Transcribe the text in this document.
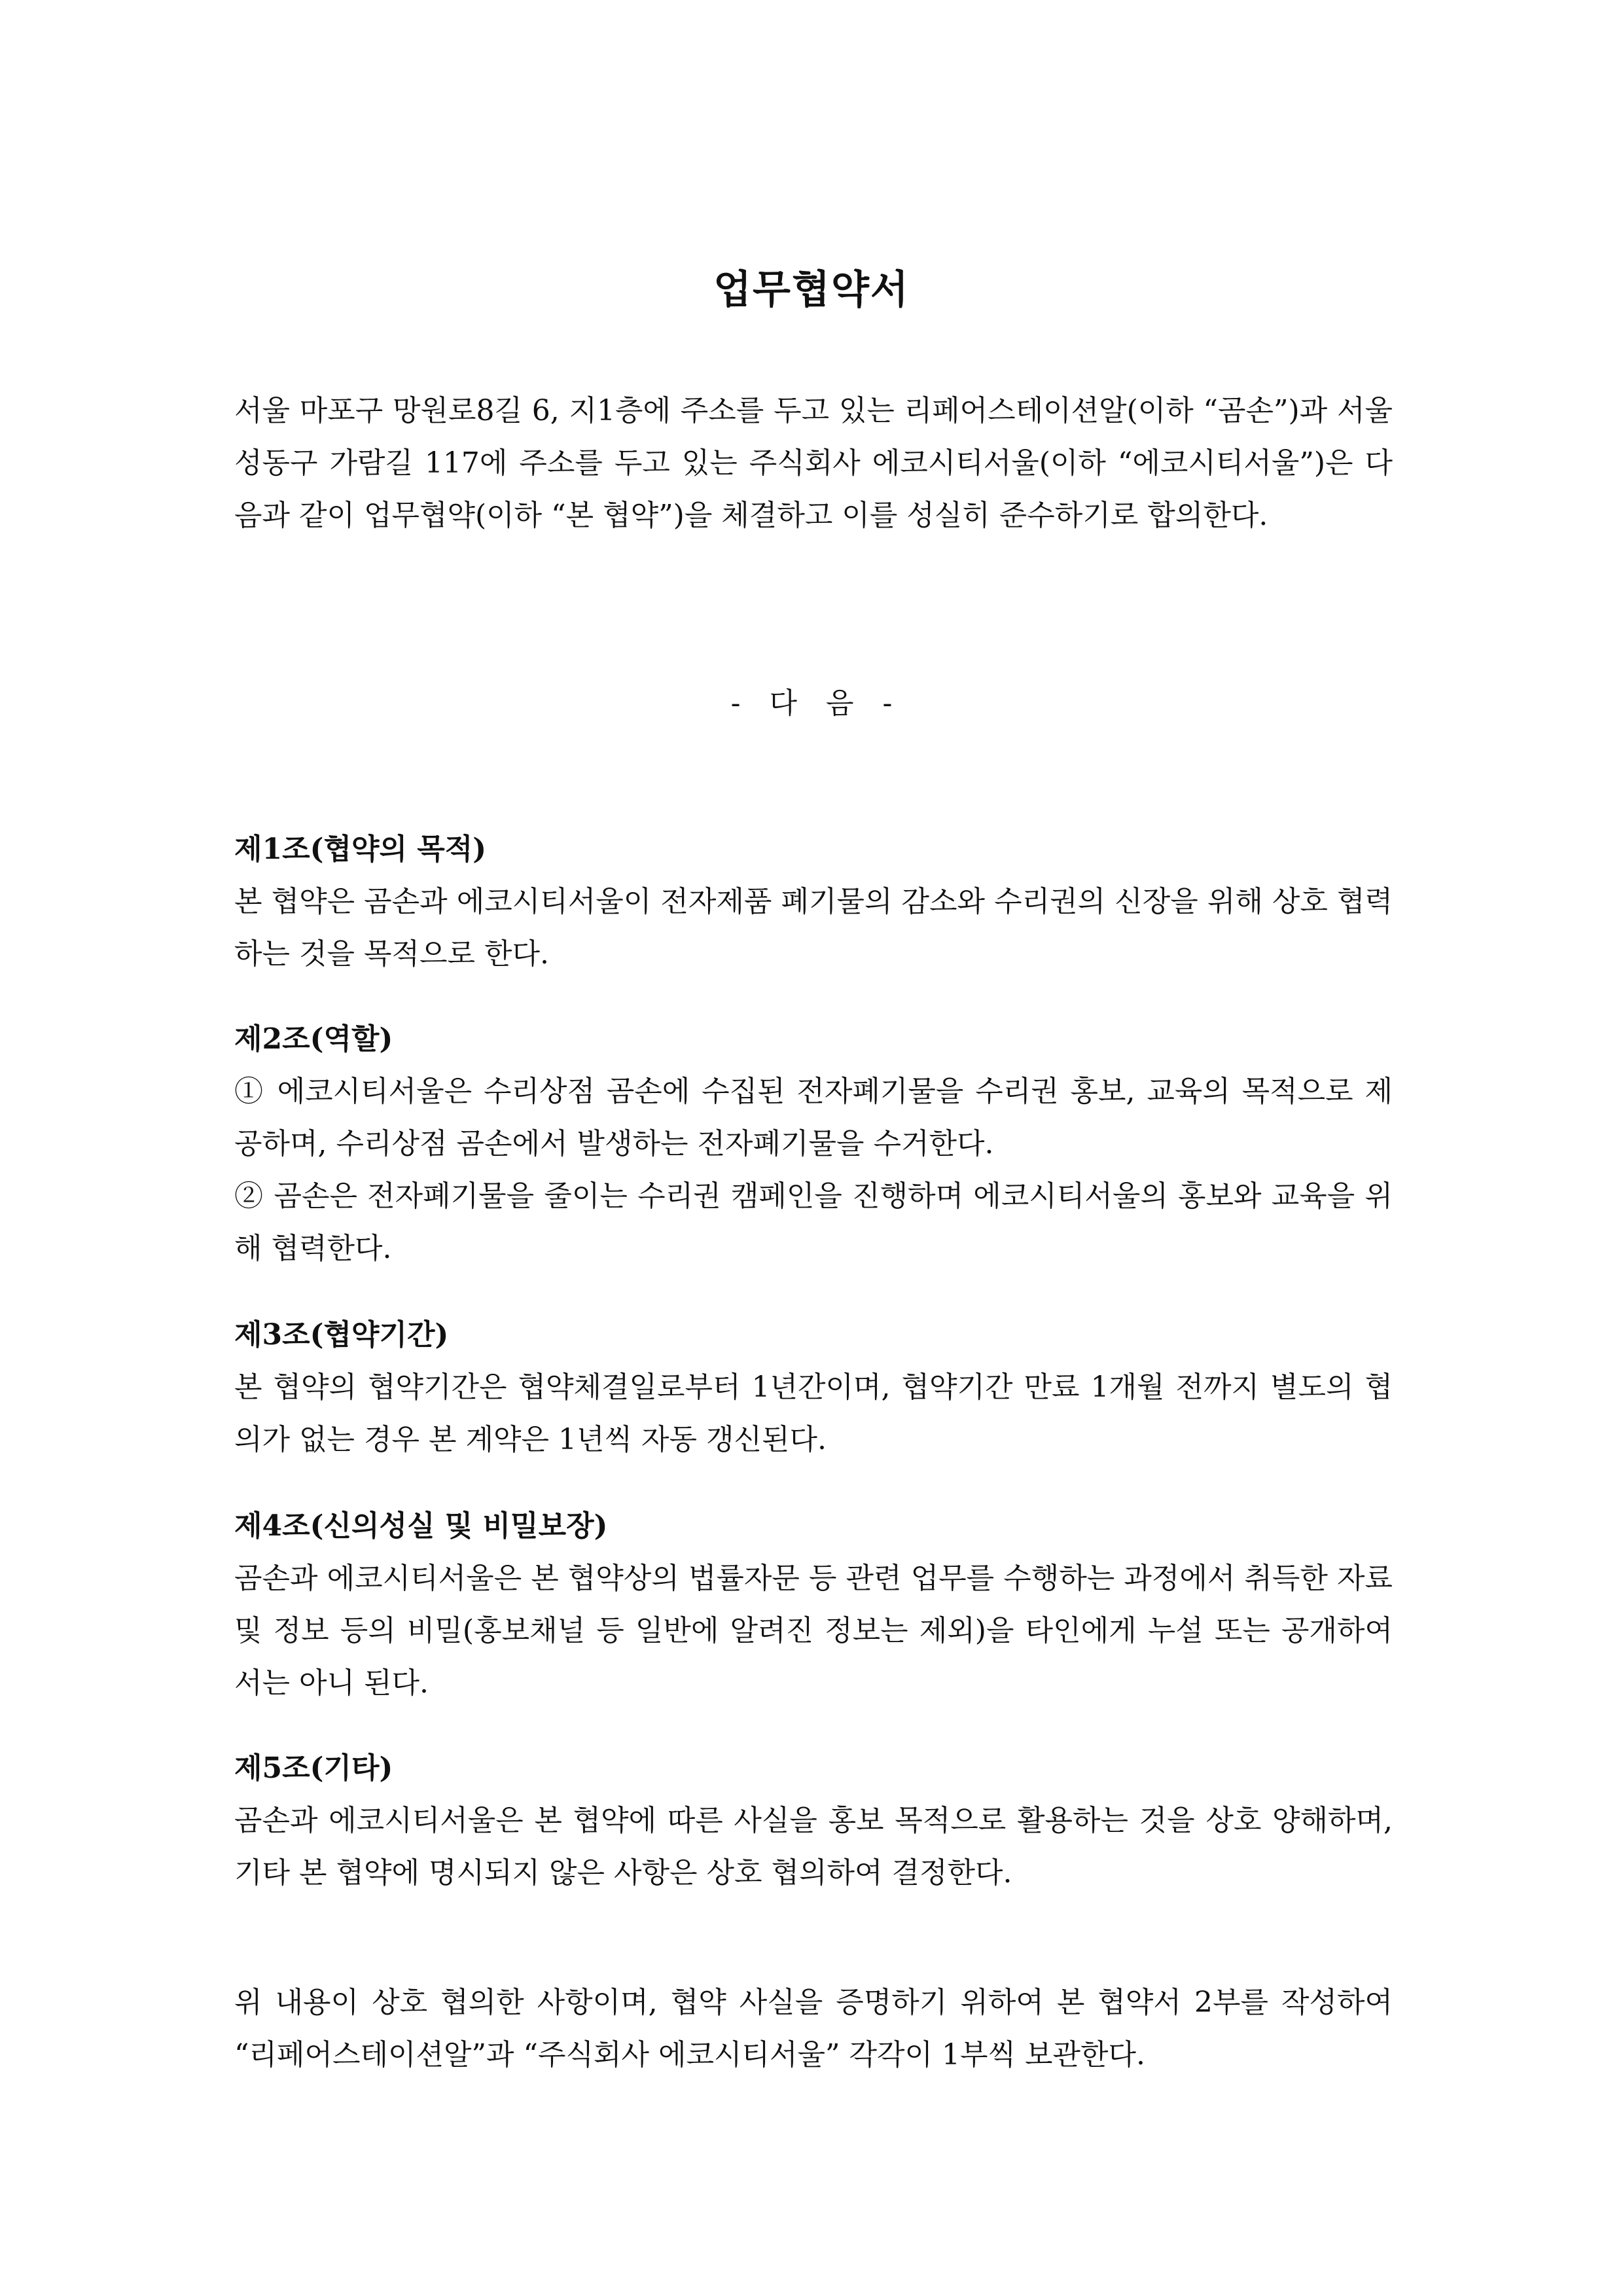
업무협약서

서울 마포구 망원로8길 6, 지1층에 주소를 두고 있는 리페어스테이션알(이하 “곰손”)과 서울 성동구 가람길 117에 주소를 두고 있는 주식회사 에코시티서울(이하 “에코시티서울”)은 다음과 같이 업무협약(이하 “본 협약”)을 체결하고 이를 성실히 준수하기로 합의한다.

- 다 음 -

제1조(협약의 목적)

본 협약은 곰손과 에코시티서울이 전자제품 폐기물의 감소와 수리권의 신장을 위해 상호 협력하는 것을 목적으로 한다.

제2조(역할)

① 에코시티서울은 수리상점 곰손에 수집된 전자폐기물을 수리권 홍보, 교육의 목적으로 제공하며, 수리상점 곰손에서 발생하는 전자폐기물을 수거한다.

② 곰손은 전자폐기물을 줄이는 수리권 캠페인을 진행하며 에코시티서울의 홍보와 교육을 위해 협력한다.

제3조(협약기간)

본 협약의 협약기간은 협약체결일로부터 1년간이며, 협약기간 만료 1개월 전까지 별도의 협의가 없는 경우 본 계약은 1년씩 자동 갱신된다.

제4조(신의성실 및 비밀보장)

곰손과 에코시티서울은 본 협약상의 법률자문 등 관련 업무를 수행하는 과정에서 취득한 자료 및 정보 등의 비밀(홍보채널 등 일반에 알려진 정보는 제외)을 타인에게 누설 또는 공개하여서는 아니 된다.

제5조(기타)

곰손과 에코시티서울은 본 협약에 따른 사실을 홍보 목적으로 활용하는 것을 상호 양해하며, 기타 본 협약에 명시되지 않은 사항은 상호 협의하여 결정한다.

위 내용이 상호 협의한 사항이며, 협약 사실을 증명하기 위하여 본 협약서 2부를 작성하여 “리페어스테이션알”과 “주식회사 에코시티서울” 각각이 1부씩 보관한다.
